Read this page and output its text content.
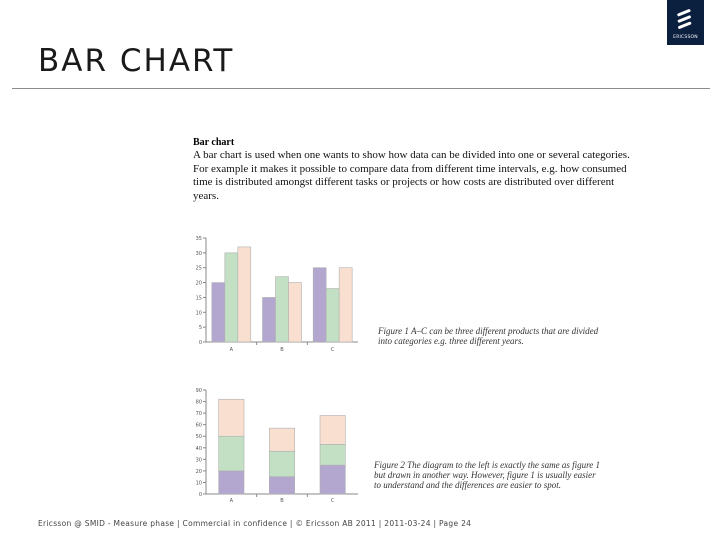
ERICSSON
BAR CHART
Bar chart
A bar chart is used when one wants to show how data can be divided into one or several categories. For example it makes it possible to compare data from different time intervals, e.g. how consumed time is distributed amongst different tasks or projects or how costs are distributed over different years.
0
5
10
15
20
25
30
35
A	B	C
Figure 1 A–C can be three different products that are divided into categories e.g. three different years.
0
10
20
30
40
50
60
70
80
90
A	B	C
Figure 2 The diagram to the left is exactly the same as figure 1 but drawn in another way. However, figure 1 is usually easier to understand and the differences are easier to spot.
Ericsson @ SMID - Measure phase | Commercial in confidence | © Ericsson AB 2011 | 2011-03-24 | Page 24
